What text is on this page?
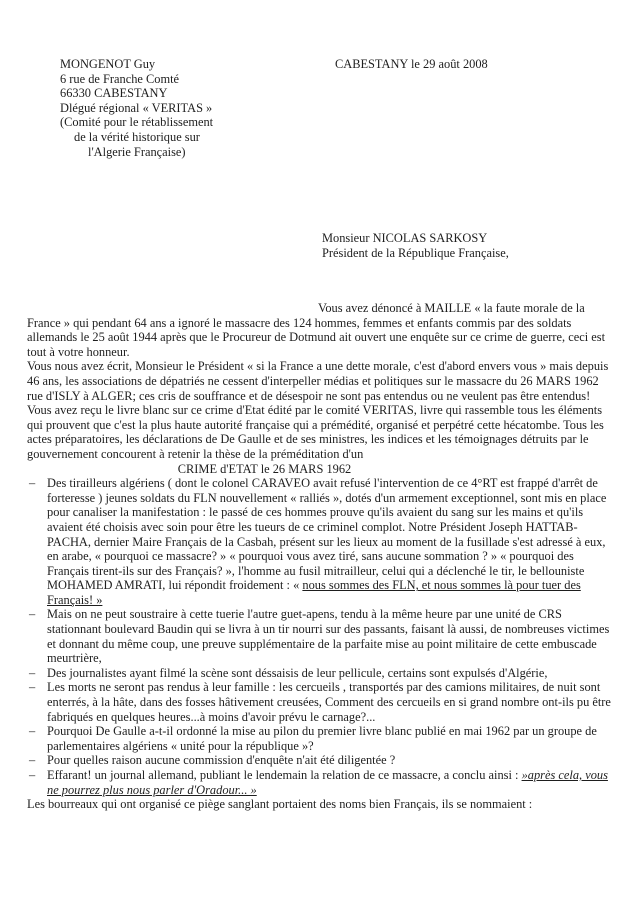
MONGENOT Guy
6 rue de Franche Comté
66330 CABESTANY
Dlégué régional « VERITAS »
(Comité pour le rétablissement
de la vérité historique sur
l'Algerie Française)
CABESTANY le 29 août 2008
Monsieur NICOLAS SARKOSY
Président de la République Française,

Vous avez dénoncé à MAILLE « la faute morale de la France » qui pendant 64 ans a ignoré le massacre des 124 hommes, femmes et enfants commis par des soldats allemands le 25 août 1944 après que le Procureur de Dotmund ait ouvert une enquête sur ce crime de guerre, ceci est tout à votre honneur.

Vous nous avez écrit, Monsieur le Président « si la France a une dette morale, c'est d'abord envers vous » mais depuis 46 ans, les associations de dépatriés ne cessent d'interpeller médias et politiques sur le massacre du 26 MARS 1962 rue d'ISLY à ALGER; ces cris de souffrance et de désespoir ne sont pas entendus ou ne veulent pas être entendus!

Vous avez reçu le livre blanc sur ce crime d'Etat édité par le comité VERITAS, livre qui rassemble tous les éléments qui prouvent que c'est la plus haute autorité française qui a prémédité, organisé et perpétré cette hécatombe. Tous les actes préparatoires, les déclarations de De Gaulle et de ses ministres, les indices et les témoignages détruits par le gouvernement concourent à retenir la thèse de la préméditation d'un

CRIME d'ETAT le 26 MARS 1962
– Des tirailleurs algériens ( dont le colonel CARAVEO avait refusé l'intervention de ce 4°RT est frappé d'arrêt de forteresse ) jeunes soldats du FLN nouvellement « ralliés », dotés d'un armement exceptionnel, sont mis en place pour canaliser la manifestation : le passé de ces hommes prouve qu'ils avaient du sang sur les mains et qu'ils avaient été choisis avec soin pour être les tueurs de ce criminel complot. Notre Président Joseph HATTAB-PACHA, dernier Maire Français de la Casbah, présent sur les lieux au moment de la fusillade s'est adressé à eux, en arabe, « pourquoi ce massacre? » « pourquoi vous avez tiré, sans aucune sommation ? » « pourquoi des Français tirent-ils sur des Français? », l'homme au fusil mitrailleur, celui qui a déclenché le tir, le bellouniste MOHAMED AMRATI, lui répondit froidement : « nous sommes des FLN, et nous sommes là pour tuer des Français! »
– Mais on ne peut soustraire à cette tuerie l'autre guet-apens, tendu à la même heure par une unité de CRS stationnant boulevard Baudin qui se livra à un tir nourri sur des passants, faisant là aussi, de nombreuses victimes et donnant du même coup, une preuve supplémentaire de la parfaite mise au point militaire de cette embuscade meurtrière,
– Des journalistes ayant filmé la scène sont déssaisis de leur pellicule, certains sont expulsés d'Algérie,
– Les morts ne seront pas rendus à leur famille : les cercueils , transportés par des camions militaires, de nuit sont enterrés, à la hâte, dans des fosses hâtivement creusées, Comment des cercueils en si grand nombre ont-ils pu être fabriqués en quelques heures...à moins d'avoir prévu le carnage?...
– Pourquoi De Gaulle a-t-il ordonné la mise au pilon du premier livre blanc publié en mai 1962 par un groupe de parlementaires algériens « unité pour la république »?
– Pour quelles raison aucune commission d'enquête n'ait été diligentée ?
– Effarant! un journal allemand, publiant le lendemain la relation de ce massacre, a conclu ainsi : »après cela, vous ne pourrez plus nous parler d'Oradour... »

Les bourreaux qui ont organisé ce piège sanglant portaient des noms bien Français, ils se nommaient :
